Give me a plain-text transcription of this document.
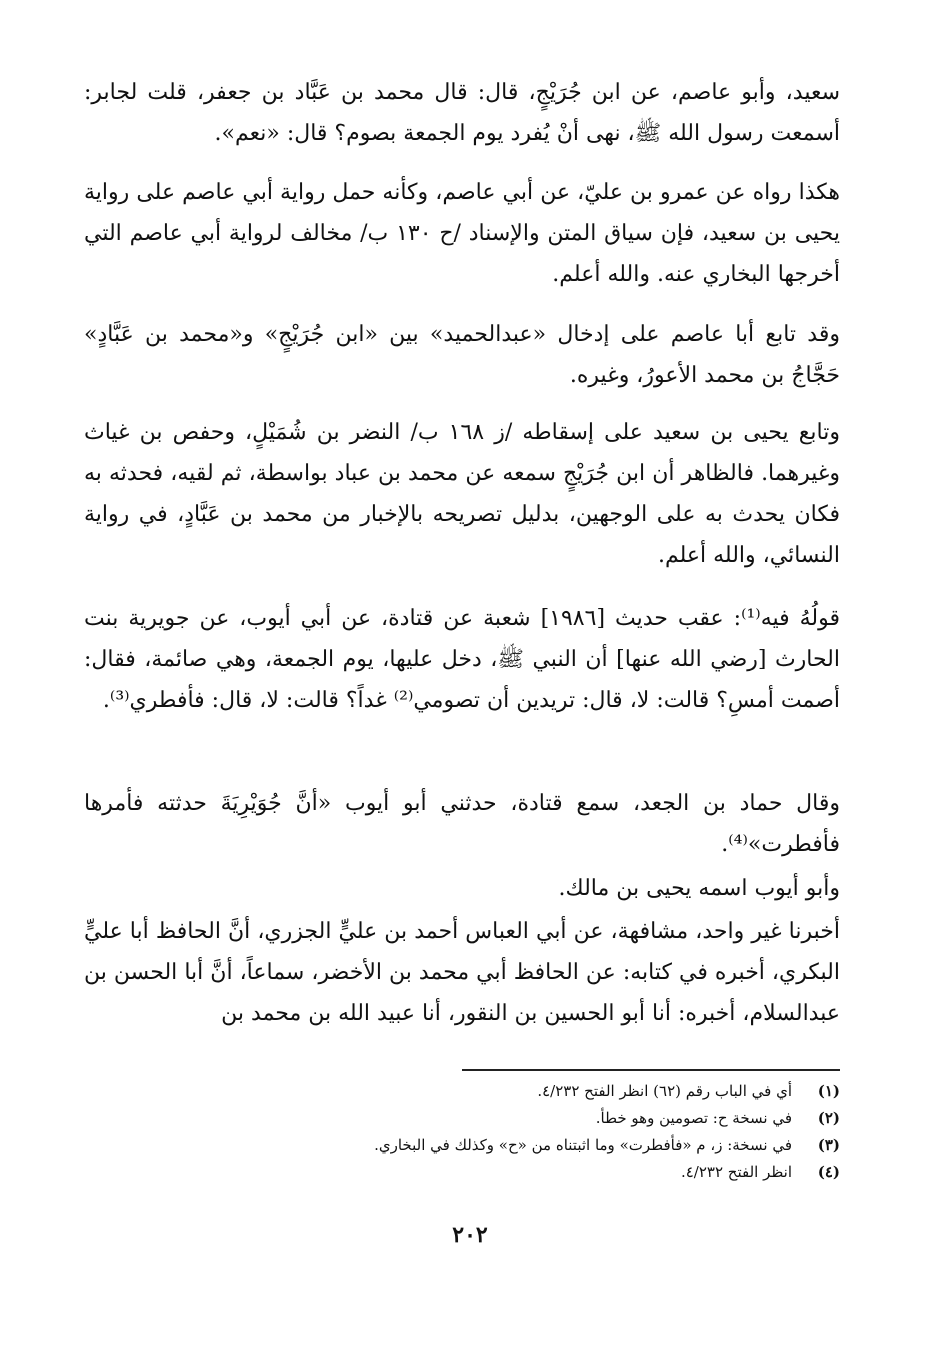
سعيد، وأبو عاصم، عن ابن جُرَيْجٍ، قال: قال محمد بن عَبَّاد بن جعفر، قلت لجابر: أسمعت رسول الله ﷺ، نهى أنْ يُفرد يوم الجمعة بصوم؟ قال: «نعم».

هكذا رواه عن عمرو بن عليّ، عن أبي عاصم، وكأنه حمل رواية أبي عاصم على رواية يحيى بن سعيد، فإن سياق المتن والإسناد /ح ١٣٠ ب/ مخالف لرواية أبي عاصم التي أخرجها البخاري عنه. والله أعلم.

وقد تابع أبا عاصم على إدخال «عبدالحميد» بين «ابن جُرَيْجٍ» و«محمد بن عَبَّادٍ» حَجَّاجُ بن محمد الأعورُ، وغيره.

وتابع يحيى بن سعيد على إسقاطه /ز ١٦٨ ب/ النضر بن شُمَيْلٍ، وحفص بن غياث وغيرهما. فالظاهر أن ابن جُرَيْجٍ سمعه عن محمد بن عباد بواسطة، ثم لقيه، فحدثه به فكان يحدث به على الوجهين، بدليل تصريحه بالإخبار من محمد بن عَبَّادٍ، في رواية النسائي، والله أعلم.

قولُهُ فيه⁽¹⁾: عقب حديث [١٩٨٦] شعبة عن قتادة، عن أبي أيوب، عن جويرية بنت الحارث [رضي الله عنها] أن النبي ﷺ، دخل عليها، يوم الجمعة، وهي صائمة، فقال: أصمت أمسِ؟ قالت: لا، قال: تريدين أن تصومي⁽²⁾ غداً؟ قالت: لا، قال: فأفطري⁽³⁾.

وقال حماد بن الجعد، سمع قتادة، حدثني أبو أيوب «أنَّ جُوَيْرِيَةَ حدثته فأمرها فأفطرت»⁽⁴⁾.

وأبو أيوب اسمه يحيى بن مالك.

أخبرنا غير واحد، مشافهة، عن أبي العباس أحمد بن عليٍّ الجزري، أنَّ الحافظ أبا عليٍّ البكري، أخبره في كتابه: عن الحافظ أبي محمد بن الأخضر، سماعاً، أنَّ أبا الحسن بن عبدالسلام، أخبره: أنا أبو الحسين بن النقور، أنا عبيد الله بن محمد بن

(١)
أي في الباب رقم (٦٢) انظر الفتح ٤/٢٣٢.
(٢)
في نسخة ح: تصومين وهو خطأ.
(٣)
في نسخة: ز، م «فأفطرت» وما اثبتناه من «ح» وكذلك في البخاري.
(٤)
انظر الفتح ٤/٢٣٢.
٢٠٢
